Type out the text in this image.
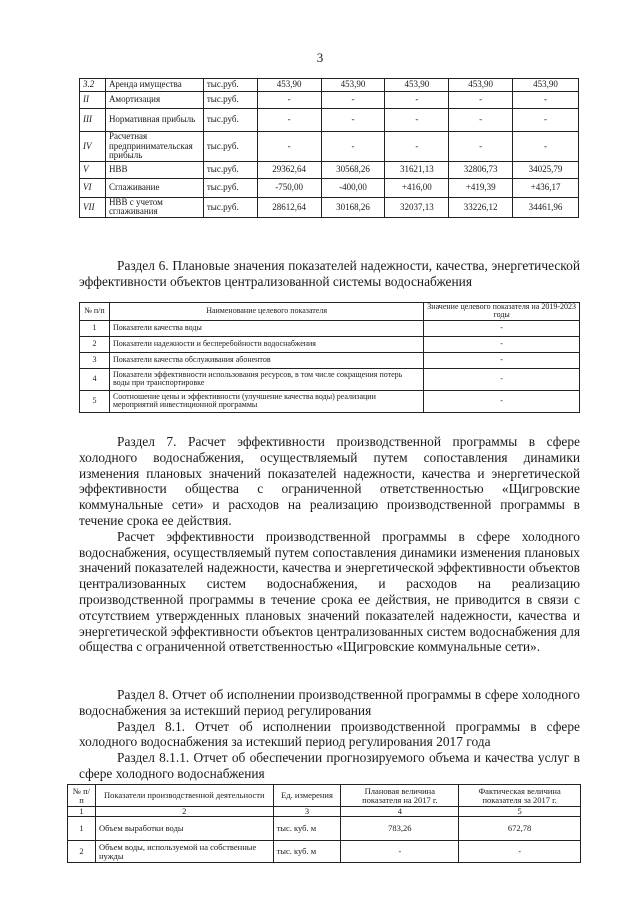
3
3.2	Аренда имущества	тыс.руб.	453,90	453,90	453,90	453,90	453,90
II	Амортизация	тыс.руб.	-	-	-	-	-
III	Нормативная прибыль	тыс.руб.	-	-	-	-	-
IV	Расчетная предпринимательская прибыль	тыс.руб.	-	-	-	-	-
V	НВВ	тыс.руб.	29362,64	30568,26	31621,13	32806,73	34025,79
VI	Сглаживание	тыс.руб.	-750,00	-400,00	+416,00	+419,39	+436,17
VII	НВВ с учетом сглаживания	тыс.руб.	28612,64	30168,26	32037,13	33226,12	34461,96

Раздел 6. Плановые значения показателей надежности, качества, энергетической эффективности объектов централизованной системы водоснабжения

№ п/п	Наименование целевого показателя	Значение целевого показателя на 2019-2023 годы
1	Показатели качества воды	-
2	Показатели надежности и бесперебойности водоснабжения	-
3	Показатели качества обслуживания абонентов	-
4	Показатели эффективности использования ресурсов, в том числе сокращения потерь воды при транспортировке	-
5	Соотношение цены и эффективности (улучшение качества воды) реализации мероприятий инвестиционной программы	-

Раздел 7. Расчет эффективности производственной программы в сфере холодного водоснабжения, осуществляемый путем сопоставления динамики изменения плановых значений показателей надежности, качества и энергетической эффективности общества с ограниченной ответственностью «Щигровские коммунальные сети» и расходов на реализацию производственной программы в течение срока ее действия.

Расчет эффективности производственной программы в сфере холодного водоснабжения, осуществляемый путем сопоставления динамики изменения плановых значений показателей надежности, качества и энергетической эффективности объектов централизованных систем водоснабжения, и расходов на реализацию производственной программы в течение срока ее действия, не приводится в связи с отсутствием утвержденных плановых значений показателей надежности, качества и энергетической эффективности объектов централизованных систем водоснабжения для общества с ограниченной ответственностью «Щигровские коммунальные сети».

Раздел 8. Отчет об исполнении производственной программы в сфере холодного водоснабжения за истекший период регулирования

Раздел 8.1. Отчет об исполнении производственной программы в сфере холодного водоснабжения за истекший период регулирования 2017 года

Раздел 8.1.1. Отчет об обеспечении прогнозируемого объема и качества услуг в сфере холодного водоснабжения

№ п/п	Показатели производственной деятельности	Ед. измерения	Плановая величина показателя на 2017 г.	Фактическая величина показателя за 2017 г.
1	2	3	4	5
1	Объем выработки воды	тыс. куб. м	783,26	672,78
2	Объем воды, используемой на собственные нужды	тыс. куб. м	-	-
